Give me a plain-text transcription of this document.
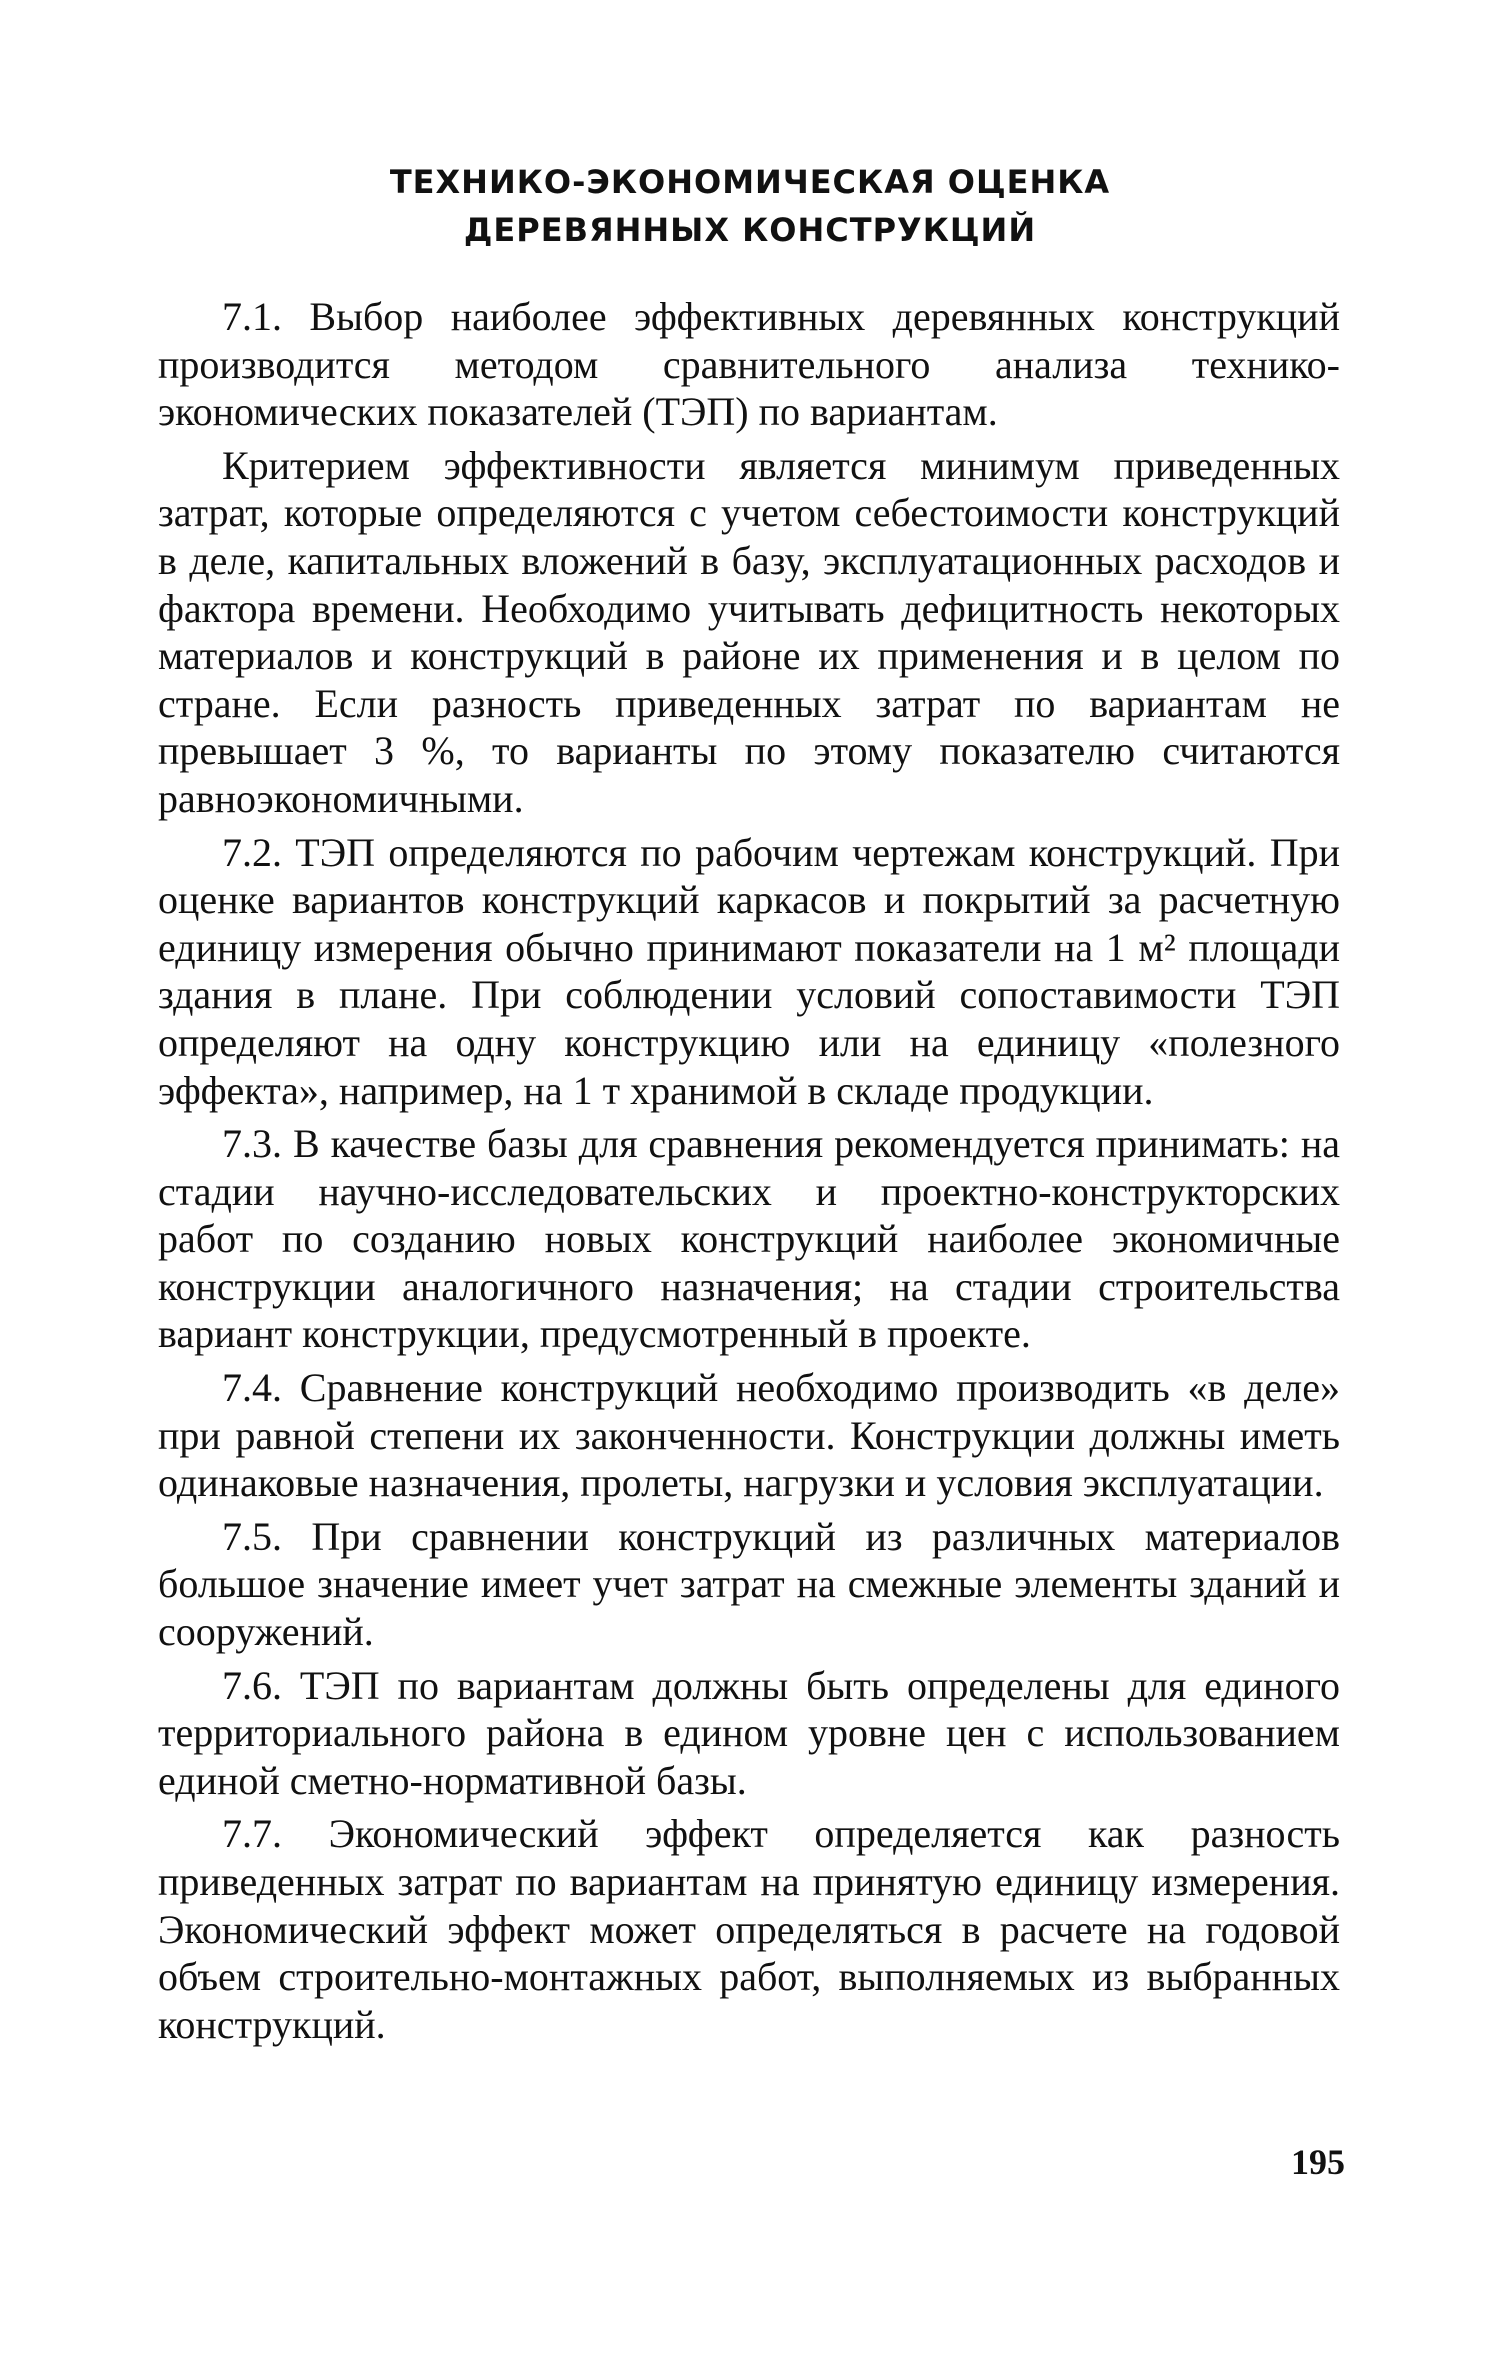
ТЕХНИКО-ЭКОНОМИЧЕСКАЯ ОЦЕНКА
ДЕРЕВЯННЫХ КОНСТРУКЦИЙ

7.1. Выбор наиболее эффективных деревянных конструкций производится методом сравнительного анализа технико-экономических показателей (ТЭП) по вариантам.

Критерием эффективности является минимум приведенных затрат, которые определяются с учетом себестоимости конструкций в деле, капитальных вложений в базу, эксплуатационных расходов и фактора времени. Необходимо учитывать дефицитность некоторых материалов и конструкций в районе их применения и в целом по стране. Если разность приведенных затрат по вариантам не превышает 3 %, то варианты по этому показателю считаются равноэкономичными.

7.2. ТЭП определяются по рабочим чертежам конструкций. При оценке вариантов конструкций каркасов и покрытий за расчетную единицу измерения обычно принимают показатели на 1 м² площади здания в плане. При соблюдении условий сопоставимости ТЭП определяют на одну конструкцию или на единицу «полезного эффекта», например, на 1 т хранимой в складе продукции.

7.3. В качестве базы для сравнения рекомендуется принимать: на стадии научно-исследовательских и проектно-конструкторских работ по созданию новых конструкций наиболее экономичные конструкции аналогичного назначения; на стадии строительства вариант конструкции, предусмотренный в проекте.

7.4. Сравнение конструкций необходимо производить «в деле» при равной степени их законченности. Конструкции должны иметь одинаковые назначения, пролеты, нагрузки и условия эксплуатации.

7.5. При сравнении конструкций из различных материалов большое значение имеет учет затрат на смежные элементы зданий и сооружений.

7.6. ТЭП по вариантам должны быть определены для единого территориального района в едином уровне цен с использованием единой сметно-нормативной базы.

7.7. Экономический эффект определяется как разность приведенных затрат по вариантам на принятую единицу измерения. Экономический эффект может определяться в расчете на годовой объем строительно-монтажных работ, выполняемых из выбранных конструкций.

195
